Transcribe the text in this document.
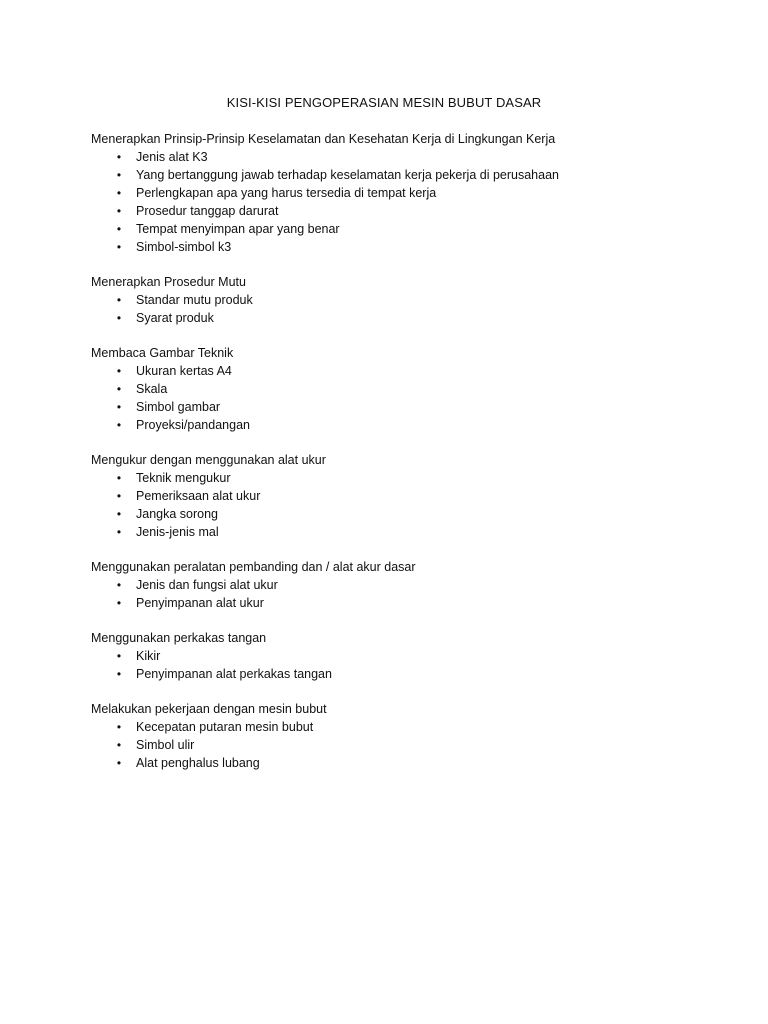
KISI-KISI PENGOPERASIAN MESIN BUBUT DASAR
Menerapkan Prinsip-Prinsip Keselamatan dan Kesehatan Kerja di Lingkungan Kerja
•	Jenis alat K3
•	Yang bertanggung jawab terhadap keselamatan kerja pekerja di perusahaan
•	Perlengkapan apa yang harus tersedia di tempat kerja
•	Prosedur tanggap darurat
•	Tempat menyimpan apar yang benar
•	Simbol-simbol k3
Menerapkan Prosedur Mutu
•	Standar mutu produk
•	Syarat produk
Membaca Gambar Teknik
•	Ukuran kertas A4
•	Skala
•	Simbol gambar
•	Proyeksi/pandangan
Mengukur dengan menggunakan alat ukur
•	Teknik mengukur
•	Pemeriksaan alat ukur
•	Jangka sorong
•	Jenis-jenis mal
Menggunakan peralatan pembanding dan / alat akur dasar
•	Jenis dan fungsi alat ukur
•	Penyimpanan alat ukur
Menggunakan perkakas tangan
•	Kikir
•	Penyimpanan alat perkakas tangan
Melakukan pekerjaan dengan mesin bubut
•	Kecepatan putaran mesin bubut
•	Simbol ulir
•	Alat penghalus lubang
